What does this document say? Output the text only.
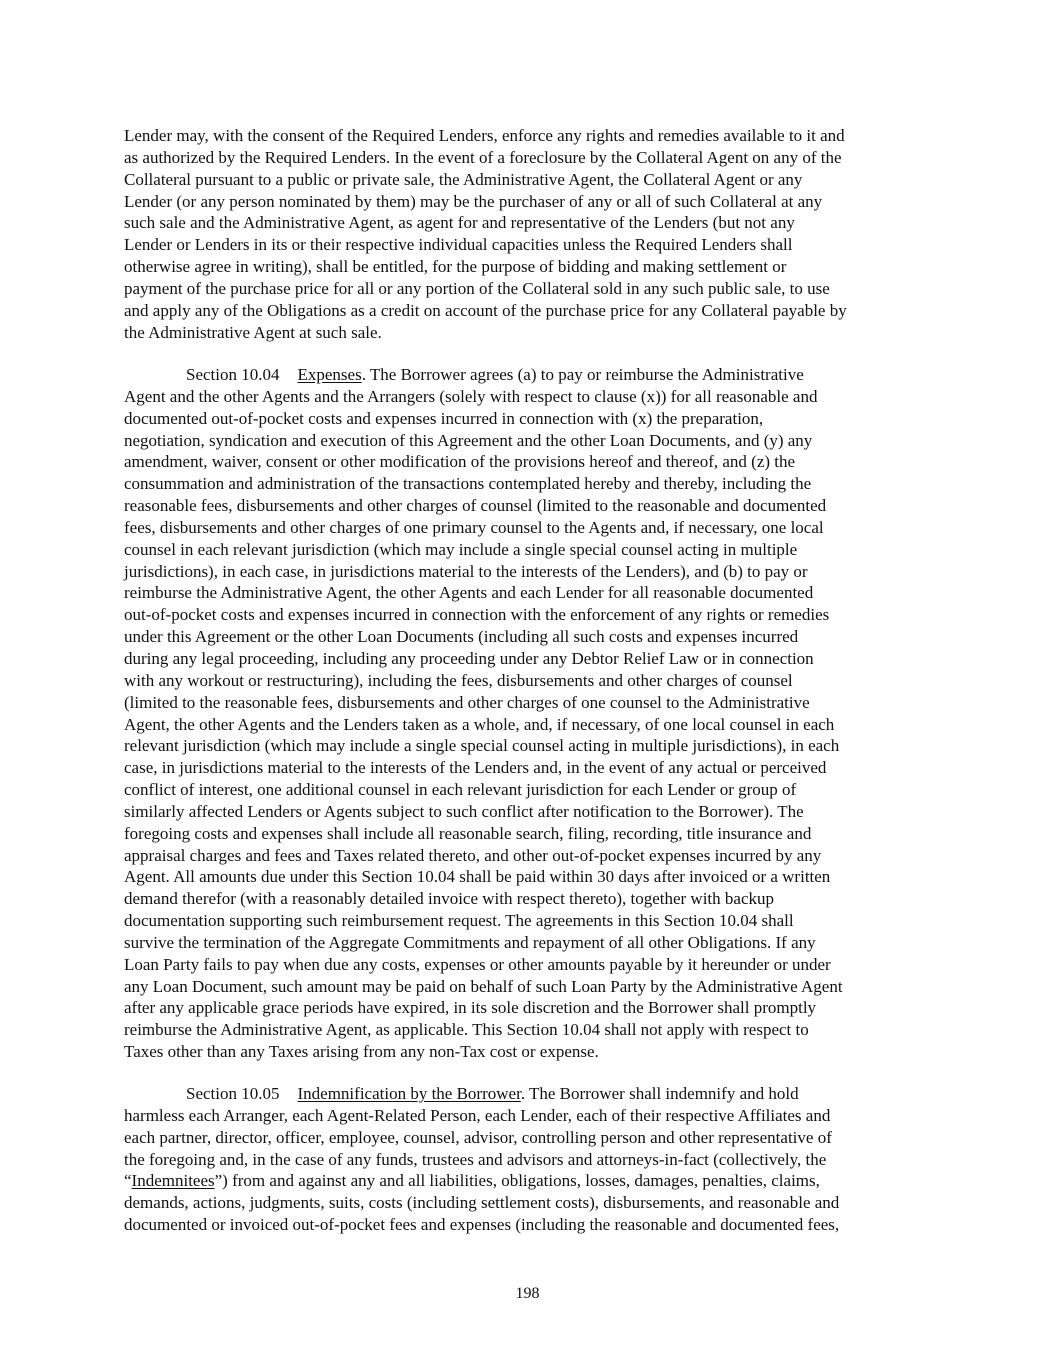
Lender may, with the consent of the Required Lenders, enforce any rights and remedies available to it and
as authorized by the Required Lenders. In the event of a foreclosure by the Collateral Agent on any of the
Collateral pursuant to a public or private sale, the Administrative Agent, the Collateral Agent or any
Lender (or any person nominated by them) may be the purchaser of any or all of such Collateral at any
such sale and the Administrative Agent, as agent for and representative of the Lenders (but not any
Lender or Lenders in its or their respective individual capacities unless the Required Lenders shall
otherwise agree in writing), shall be entitled, for the purpose of bidding and making settlement or
payment of the purchase price for all or any portion of the Collateral sold in any such public sale, to use
and apply any of the Obligations as a credit on account of the purchase price for any Collateral payable by
the Administrative Agent at such sale.

Section 10.04 Expenses. The Borrower agrees (a) to pay or reimburse the Administrative
Agent and the other Agents and the Arrangers (solely with respect to clause (x)) for all reasonable and
documented out-of-pocket costs and expenses incurred in connection with (x) the preparation,
negotiation, syndication and execution of this Agreement and the other Loan Documents, and (y) any
amendment, waiver, consent or other modification of the provisions hereof and thereof, and (z) the
consummation and administration of the transactions contemplated hereby and thereby, including the
reasonable fees, disbursements and other charges of counsel (limited to the reasonable and documented
fees, disbursements and other charges of one primary counsel to the Agents and, if necessary, one local
counsel in each relevant jurisdiction (which may include a single special counsel acting in multiple
jurisdictions), in each case, in jurisdictions material to the interests of the Lenders), and (b) to pay or
reimburse the Administrative Agent, the other Agents and each Lender for all reasonable documented
out-of-pocket costs and expenses incurred in connection with the enforcement of any rights or remedies
under this Agreement or the other Loan Documents (including all such costs and expenses incurred
during any legal proceeding, including any proceeding under any Debtor Relief Law or in connection
with any workout or restructuring), including the fees, disbursements and other charges of counsel
(limited to the reasonable fees, disbursements and other charges of one counsel to the Administrative
Agent, the other Agents and the Lenders taken as a whole, and, if necessary, of one local counsel in each
relevant jurisdiction (which may include a single special counsel acting in multiple jurisdictions), in each
case, in jurisdictions material to the interests of the Lenders and, in the event of any actual or perceived
conflict of interest, one additional counsel in each relevant jurisdiction for each Lender or group of
similarly affected Lenders or Agents subject to such conflict after notification to the Borrower). The
foregoing costs and expenses shall include all reasonable search, filing, recording, title insurance and
appraisal charges and fees and Taxes related thereto, and other out-of-pocket expenses incurred by any
Agent. All amounts due under this Section 10.04 shall be paid within 30 days after invoiced or a written
demand therefor (with a reasonably detailed invoice with respect thereto), together with backup
documentation supporting such reimbursement request. The agreements in this Section 10.04 shall
survive the termination of the Aggregate Commitments and repayment of all other Obligations. If any
Loan Party fails to pay when due any costs, expenses or other amounts payable by it hereunder or under
any Loan Document, such amount may be paid on behalf of such Loan Party by the Administrative Agent
after any applicable grace periods have expired, in its sole discretion and the Borrower shall promptly
reimburse the Administrative Agent, as applicable. This Section 10.04 shall not apply with respect to
Taxes other than any Taxes arising from any non-Tax cost or expense.

Section 10.05 Indemnification by the Borrower. The Borrower shall indemnify and hold
harmless each Arranger, each Agent-Related Person, each Lender, each of their respective Affiliates and
each partner, director, officer, employee, counsel, advisor, controlling person and other representative of
the foregoing and, in the case of any funds, trustees and advisors and attorneys-in-fact (collectively, the
“Indemnitees”) from and against any and all liabilities, obligations, losses, damages, penalties, claims,
demands, actions, judgments, suits, costs (including settlement costs), disbursements, and reasonable and
documented or invoiced out-of-pocket fees and expenses (including the reasonable and documented fees,

198
